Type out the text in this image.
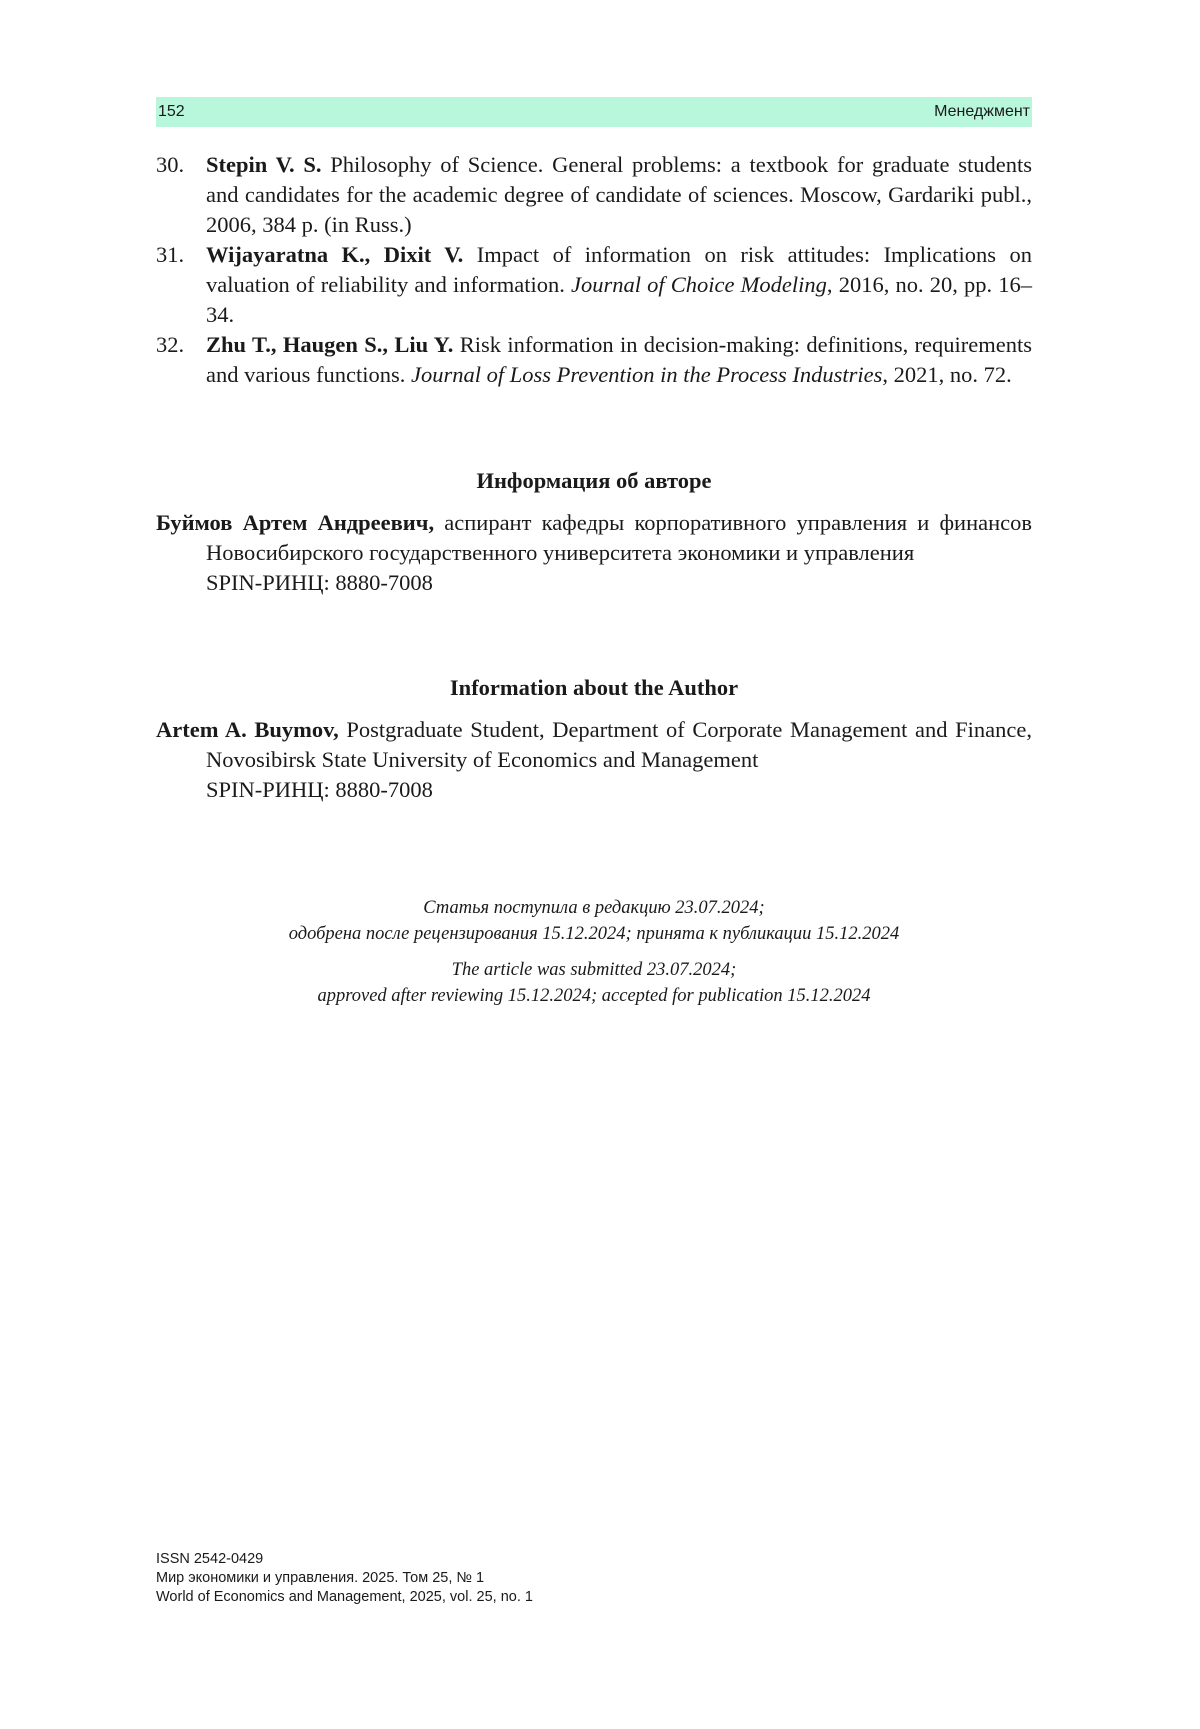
152	Менеджмент
30. Stepin V. S. Philosophy of Science. General problems: a textbook for graduate students and candidates for the academic degree of candidate of sciences. Moscow, Gardariki publ., 2006, 384 p. (in Russ.)
31. Wijayaratna K., Dixit V. Impact of information on risk attitudes: Implications on valuation of reliability and information. Journal of Choice Modeling, 2016, no. 20, pp. 16–34.
32. Zhu T., Haugen S., Liu Y. Risk information in decision-making: definitions, requirements and various functions. Journal of Loss Prevention in the Process Industries, 2021, no. 72.
Информация об авторе
Буймов Артем Андреевич, аспирант кафедры корпоративного управления и финансов Новосибирского государственного университета экономики и управления
SPIN-РИНЦ: 8880-7008
Information about the Author
Artem A. Buymov, Postgraduate Student, Department of Corporate Management and Finance, Novosibirsk State University of Economics and Management
SPIN-РИНЦ: 8880-7008
Статья поступила в редакцию 23.07.2024;
одобрена после рецензирования 15.12.2024; принята к публикации 15.12.2024
The article was submitted 23.07.2024;
approved after reviewing 15.12.2024; accepted for publication 15.12.2024
ISSN 2542-0429
Мир экономики и управления. 2025. Том 25, № 1
World of Economics and Management, 2025, vol. 25, no. 1
